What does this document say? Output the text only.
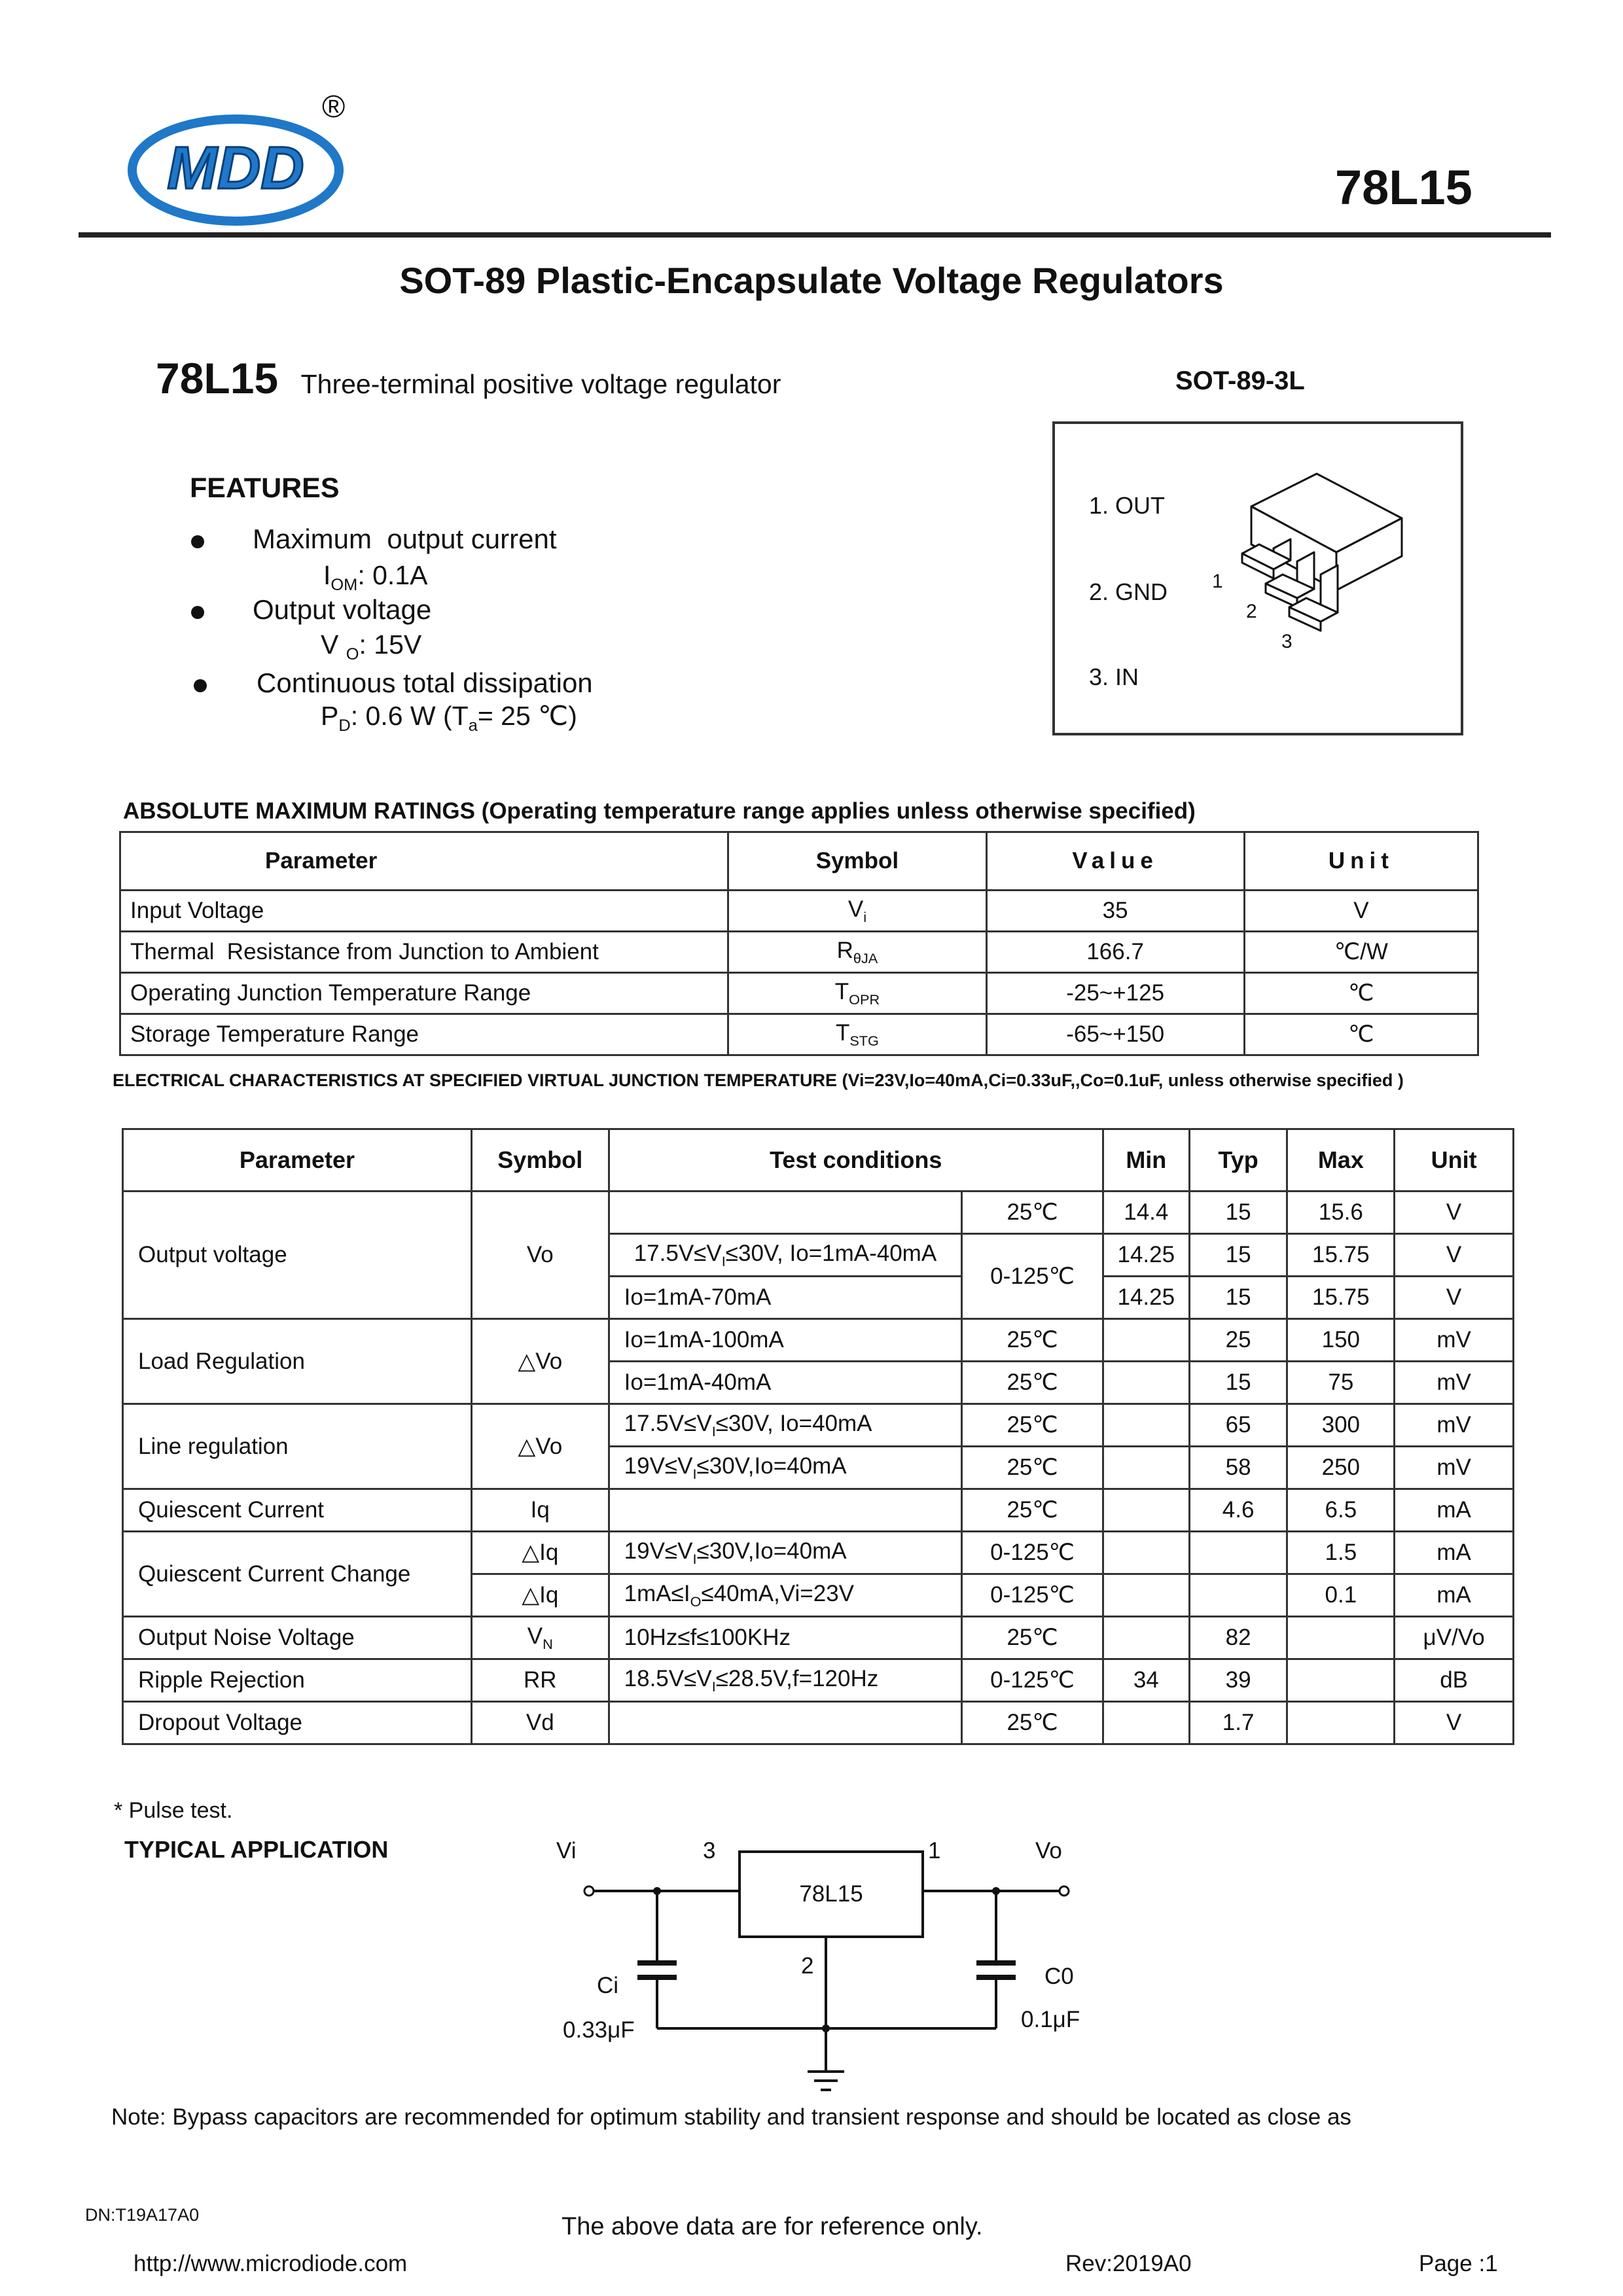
MDD
®
78L15
SOT-89 Plastic-Encapsulate Voltage Regulators
78L15 Three-terminal positive voltage regulator
FEATURES
Maximum  output current
$I_{OM}$: 0.1A
Output voltage
V $_O$: 15V
Continuous total dissipation
$P_D$: 0.6 W ($T_a= 25$ ℃)
SOT-89-3L
1. OUT
2. GND
3. IN
1
2
3
ABSOLUTE MAXIMUM RATINGS (Operating temperature range applies unless otherwise specified)
Parameter	Symbol	Value	Unit
Input Voltage	$V_i$	35	V
Thermal  Resistance from Junction to Ambient	$R_{\theta JA}$	166.7	℃/W
Operating Junction Temperature Range	$T_{OPR}$	-25~+125	℃
Storage Temperature Range	$T_{STG}$	-65~+150	℃
ELECTRICAL CHARACTERISTICS AT SPECIFIED VIRTUAL JUNCTION TEMPERATURE (Vi=23V,Io=40mA,Ci=0.33uF,,Co=0.1uF, unless otherwise specified )
Parameter	Symbol	Test conditions		Min	Typ	Max	Unit
Output voltage	Vo		25℃	14.4	15	15.6	V
		$17.5V\le V_I\le 30V$, Io=1mA-40mA	0-125℃	14.25	15	15.75	V
		Io=1mA-70mA		14.25	15	15.75	V
Load Regulation	△Vo	Io=1mA-100mA	25℃		25	150	mV
		Io=1mA-40mA	25℃		15	75	mV
Line regulation	△Vo	$17.5V\le V_I\le 30V$, Io=40mA	25℃		65	300	mV
		$19V\le V_I\le 30V,Io=40mA$	25℃		58	250	mV
Quiescent Current	Iq		25℃		4.6	6.5	mA
Quiescent Current Change	△Iq	$19V\le V_I\le 30V,Io=40mA$	0-125℃			1.5	mA
	△Iq	$1mA\le I_O\le 40mA,Vi=23V$	0-125℃			0.1	mA
Output Noise Voltage	$V_N$	10Hz≤f≤100KHz	25℃		82		μV/Vo
Ripple Rejection	RR	$18.5V\le V_I\le 28.5V,f=120Hz$	0-125℃	34	39		dB
Dropout Voltage	Vd		25℃		1.7		V
* Pulse test.
TYPICAL APPLICATION	Vi	3	1	Vo
78L15
2
Ci
0.33μF
C0
0.1μF
Note: Bypass capacitors are recommended for optimum stability and transient response and should be located as close as
DN:T19A17A0	The above data are for reference only.
http://www.microdiode.com	Rev:2019A0	Page :1
